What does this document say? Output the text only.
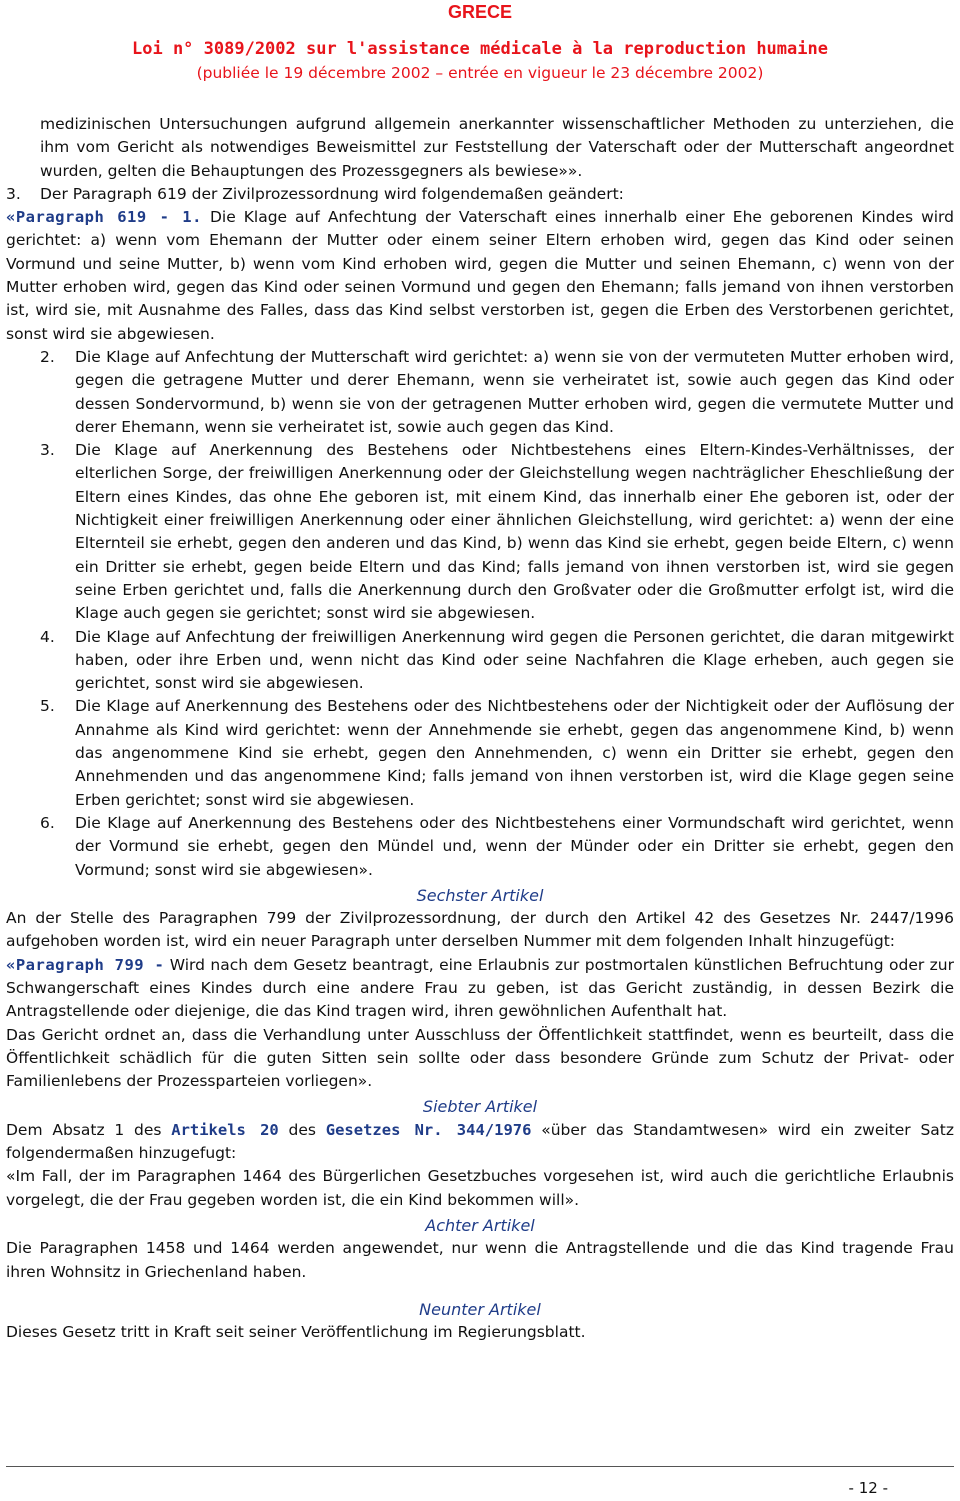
GRECE
Loi n° 3089/2002 sur l'assistance médicale à la reproduction humaine
(publiée le 19 décembre 2002 – entrée en vigueur le 23 décembre 2002)

medizinischen Untersuchungen aufgrund allgemein anerkannter wissenschaftlicher Methoden zu unterziehen, die ihm vom Gericht als notwendiges Beweismittel zur Feststellung der Vaterschaft oder der Mutterschaft angeordnet wurden, gelten die Behauptungen des Prozessgegners als bewiese»».

3. Der Paragraph 619 der Zivilprozessordnung wird folgendemaßen geändert:

«Paragraph 619 - 1. Die Klage auf Anfechtung der Vaterschaft eines innerhalb einer Ehe geborenen Kindes wird gerichtet: a) wenn vom Ehemann der Mutter oder einem seiner Eltern erhoben wird, gegen das Kind oder seinen Vormund und seine Mutter, b) wenn vom Kind erhoben wird, gegen die Mutter und seinen Ehemann, c) wenn von der Mutter erhoben wird, gegen das Kind oder seinen Vormund und gegen den Ehemann; falls jemand von ihnen verstorben ist, wird sie, mit Ausnahme des Falles, dass das Kind selbst verstorben ist, gegen die Erben des Verstorbenen gerichtet, sonst wird sie abgewiesen.

2. Die Klage auf Anfechtung der Mutterschaft wird gerichtet: a) wenn sie von der vermuteten Mutter erhoben wird, gegen die getragene Mutter und derer Ehemann, wenn sie verheiratet ist, sowie auch gegen das Kind oder dessen Sondervormund, b) wenn sie von der getragenen Mutter erhoben wird, gegen die vermutete Mutter und derer Ehemann, wenn sie verheiratet ist, sowie auch gegen das Kind.

3. Die Klage auf Anerkennung des Bestehens oder Nichtbestehens eines Eltern-Kindes-Verhältnisses, der elterlichen Sorge, der freiwilligen Anerkennung oder der Gleichstellung wegen nachträglicher Eheschließung der Eltern eines Kindes, das ohne Ehe geboren ist, mit einem Kind, das innerhalb einer Ehe geboren ist, oder der Nichtigkeit einer freiwilligen Anerkennung oder einer ähnlichen Gleichstellung, wird gerichtet: a) wenn der eine Elternteil sie erhebt, gegen den anderen und das Kind, b) wenn das Kind sie erhebt, gegen beide Eltern, c) wenn ein Dritter sie erhebt, gegen beide Eltern und das Kind; falls jemand von ihnen verstorben ist, wird sie gegen seine Erben gerichtet und, falls die Anerkennung durch den Großvater oder die Großmutter erfolgt ist, wird die Klage auch gegen sie gerichtet; sonst wird sie abgewiesen.

4. Die Klage auf Anfechtung der freiwilligen Anerkennung wird gegen die Personen gerichtet, die daran mitgewirkt haben, oder ihre Erben und, wenn nicht das Kind oder seine Nachfahren die Klage erheben, auch gegen sie gerichtet, sonst wird sie abgewiesen.

5. Die Klage auf Anerkennung des Bestehens oder des Nichtbestehens oder der Nichtigkeit oder der Auflösung der Annahme als Kind wird gerichtet: wenn der Annehmende sie erhebt, gegen das angenommene Kind, b) wenn das angenommene Kind sie erhebt, gegen den Annehmenden, c) wenn ein Dritter sie erhebt, gegen den Annehmenden und das angenommene Kind; falls jemand von ihnen verstorben ist, wird die Klage gegen seine Erben gerichtet; sonst wird sie abgewiesen.

6. Die Klage auf Anerkennung des Bestehens oder des Nichtbestehens einer Vormundschaft wird gerichtet, wenn der Vormund sie erhebt, gegen den Mündel und, wenn der Münder oder ein Dritter sie erhebt, gegen den Vormund; sonst wird sie abgewiesen».

Sechster Artikel

An der Stelle des Paragraphen 799 der Zivilprozessordnung, der durch den Artikel 42 des Gesetzes Nr. 2447/1996 aufgehoben worden ist, wird ein neuer Paragraph unter derselben Nummer mit dem folgenden Inhalt hinzugefügt:

«Paragraph 799 - Wird nach dem Gesetz beantragt, eine Erlaubnis zur postmortalen künstlichen Befruchtung oder zur Schwangerschaft eines Kindes durch eine andere Frau zu geben, ist das Gericht zuständig, in dessen Bezirk die Antragstellende oder diejenige, die das Kind tragen wird, ihren gewöhnlichen Aufenthalt hat.

Das Gericht ordnet an, dass die Verhandlung unter Ausschluss der Öffentlichkeit stattfindet, wenn es beurteilt, dass die Öffentlichkeit schädlich für die guten Sitten sein sollte oder dass besondere Gründe zum Schutz der Privat- oder Familienlebens der Prozessparteien vorliegen».

Siebter Artikel

Dem Absatz 1 des Artikels 20 des Gesetzes Nr. 344/1976 «über das Standamtwesen» wird ein zweiter Satz folgendermaßen hinzugefugt:

«Im Fall, der im Paragraphen 1464 des Bürgerlichen Gesetzbuches vorgesehen ist, wird auch die gerichtliche Erlaubnis vorgelegt, die der Frau gegeben worden ist, die ein Kind bekommen will».

Achter Artikel

Die Paragraphen 1458 und 1464 werden angewendet, nur wenn die Antragstellende und die das Kind tragende Frau ihren Wohnsitz in Griechenland haben.

Neunter Artikel

Dieses Gesetz tritt in Kraft seit seiner Veröffentlichung im Regierungsblatt.

- 12 -
